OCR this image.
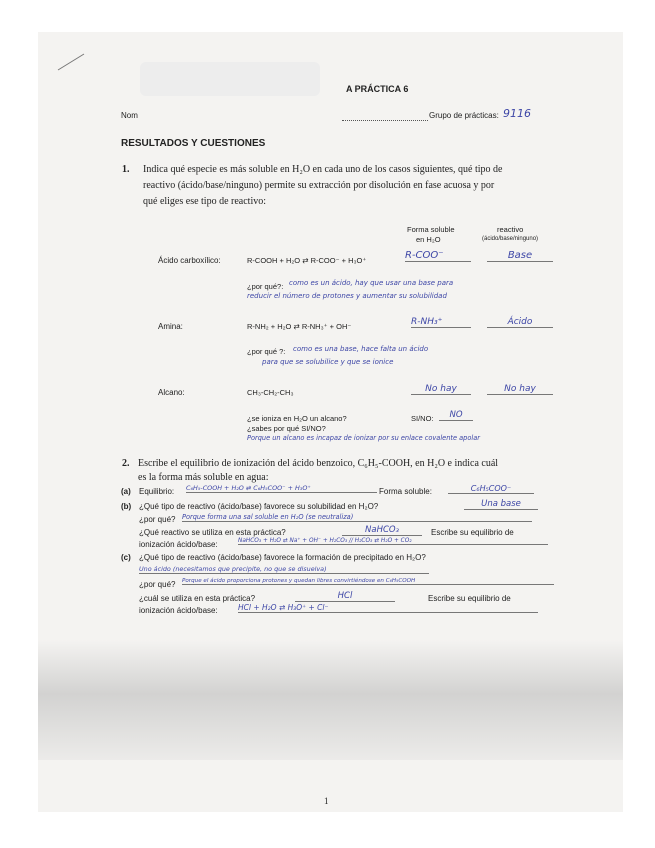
A PRÁCTICA 6
Nom	Grupo de prácticas: 9116
RESULTADOS Y CUESTIONES
1. Indica qué especie es más soluble en H₂O en cada uno de los casos siguientes, qué tipo de
reactivo (ácido/base/ninguno) permite su extracción por disolución en fase acuosa y por
qué eliges ese tipo de reactivo:
Forma soluble
en H₂O
reactivo
(ácido/base/ninguno)
Ácido carboxílico:	R-COOH + H₂O ⇄ R-COO⁻ + H₃O⁺	R-COO⁻	Base
¿por qué?: como es un ácido, hay que usar una base para
reducir el número de protones y aumentar su solubilidad
Amina:	R-NH₂ + H₂O ⇄ R-NH₃⁺ + OH⁻	R-NH₃⁺	Ácido
¿por qué ?: como es una base, hace falta un ácido
para que se solubilice y que se ionice
Alcano:	CH₃-CH₂-CH₃	No hay	No hay
¿se ioniza en H₂O un alcano?	SI/NO:	NO
¿sabes por qué SI/NO?
Porque un alcano es incapaz de ionizar por su enlace covalente apolar
2. Escribe el equilibrio de ionización del ácido benzoico, C₆H₅-COOH, en H₂O e indica cuál
es la forma más soluble en agua:
(a) Equilibrio: C₆H₅-COOH + H₂O ⇄ C₆H₅COO⁻ + H₃O⁺	Forma soluble:	C₆H₅COO⁻
(b) ¿Qué tipo de reactivo (ácido/base) favorece su solubilidad en H₂O?	Una base
¿por qué? Porque forma una sal soluble en H₂O (se neutraliza)
¿Qué reactivo se utiliza en esta práctica?	NaHCO₃	Escribe su equilibrio de
ionización ácido/base:	NaHCO₃ + H₂O ⇄ Na⁺ + OH⁻ + H₂CO₃ // H₂CO₃ ⇄ H₂O + CO₂
(c) ¿Qué tipo de reactivo (ácido/base) favorece la formación de precipitado en H₂O?
Uno ácido (necesitamos que precipite, no que se disuelva)
¿por qué? Porque el ácido proporciona protones y quedan libres convirtiéndose en C₆H₅COOH
¿cuál se utiliza en esta práctica?	HCl	Escribe su equilibrio de
ionización ácido/base:	HCl + H₂O ⇄ H₃O⁺ + Cl⁻
1
